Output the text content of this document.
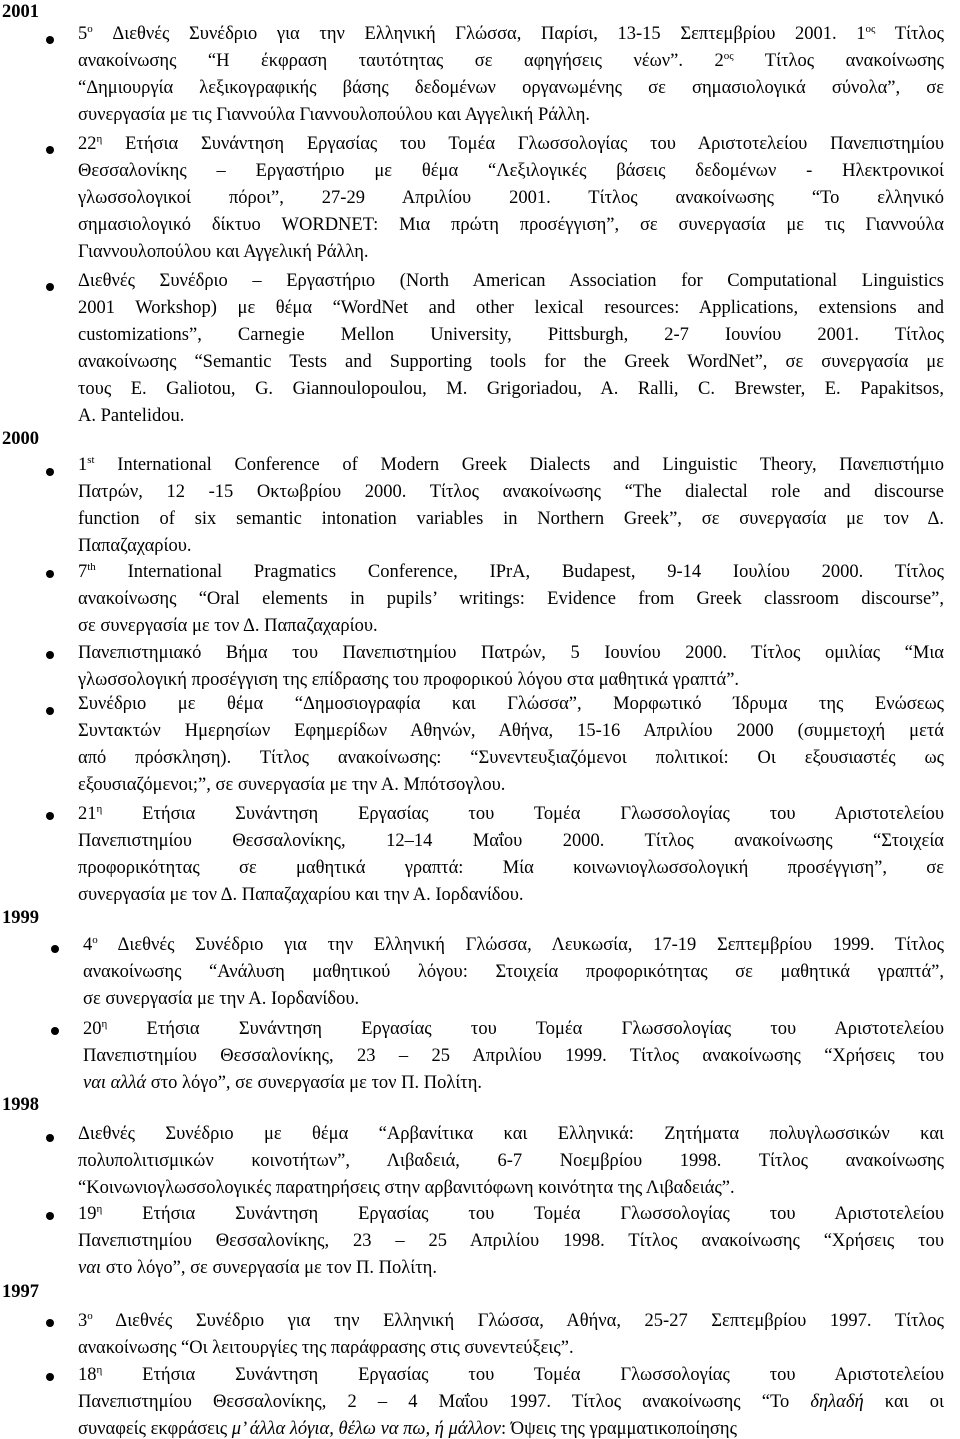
2001
5$^o$ Διεθνές Συνέδριο για την Ελληνική Γλώσσα, Παρίσι, 13-15 Σεπτεμβρίου 2001. $1^{o\varsigma}$ Τίτλος
ανακοίνωσης “Η έκφραση ταυτότητας σε αφηγήσεις νέων”. $2^{o\varsigma}$ Τίτλος ανακοίνωσης
“Δημιουργία λεξικογραφικής βάσης δεδομένων οργανωμένης σε σημασιολογικά σύνολα”, σε
συνεργασία με τις Γιαννούλα Γιαννουλοπούλου και Αγγελική Ράλλη.
$22^\eta$ Ετήσια Συνάντηση Εργασίας του Τομέα Γλωσσολογίας του Αριστοτελείου Πανεπιστημίου
Θεσσαλονίκης – Εργαστήριο με θέμα “Λεξιλογικές βάσεις δεδομένων - Ηλεκτρονικοί
γλωσσολογικοί πόροι”, 27-29 Απριλίου 2001. Τίτλος ανακοίνωσης “Το ελληνικό
σημασιολογικό δίκτυο WORDNET: Μια πρώτη προσέγγιση”, σε συνεργασία με τις Γιαννούλα
Γιαννουλοπούλου και Αγγελική Ράλλη.
Διεθνές Συνέδριο – Εργαστήριο (North American Association for Computational Linguistics
2001 Workshop) με θέμα “WordNet and other lexical resources: Applications, extensions and
customizations”, Carnegie Mellon University, Pittsburgh, 2-7 Ιουνίου 2001. Τίτλος
ανακοίνωσης “Semantic Tests and Supporting tools for the Greek WordNet”, σε συνεργασία με
τους E. Galiotou, G. Giannoulopoulou, M. Grigoriadou, A. Ralli, C. Brewster, E. Papakitsos,
A. Pantelidou.
2000
1st International Conference of Modern Greek Dialects and Linguistic Theory, Πανεπιστήμιο
Πατρών, 12 -15 Οκτωβρίου 2000. Τίτλος ανακοίνωσης “The dialectal role and discourse
function of six semantic intonation variables in Northern Greek”, σε συνεργασία με τον Δ.
Παπαζαχαρίου.
7th International Pragmatics Conference, IPrA, Budapest, 9-14 Ιουλίου 2000. Τίτλος
ανακοίνωσης “Oral elements in pupils’ writings: Evidence from Greek classroom discourse”,
σε συνεργασία με τον Δ. Παπαζαχαρίου.
Πανεπιστημιακό Βήμα του Πανεπιστημίου Πατρών, 5 Ιουνίου 2000. Τίτλος ομιλίας “Μια
γλωσσολογική προσέγγιση της επίδρασης του προφορικού λόγου στα μαθητικά γραπτά”.
Συνέδριο με θέμα “Δημοσιογραφία και Γλώσσα”, Μορφωτικό Ίδρυμα της Ενώσεως
Συντακτών Ημερησίων Εφημερίδων Αθηνών, Αθήνα, 15-16 Απριλίου 2000 (συμμετοχή μετά
από πρόσκληση). Τίτλος ανακοίνωσης: “Συνεντευξιαζόμενοι πολιτικοί: Οι εξουσιαστές ως
εξουσιαζόμενοι;”, σε συνεργασία με την Α. Μπότσογλου.
$21^\eta$ Ετήσια Συνάντηση Εργασίας του Τομέα Γλωσσολογίας του Αριστοτελείου
Πανεπιστημίου Θεσσαλονίκης, 12–14 Μαΐου 2000. Τίτλος ανακοίνωσης “Στοιχεία
προφορικότητας σε μαθητικά γραπτά: Μία κοινωνιογλωσσολογική προσέγγιση”, σε
συνεργασία με τον Δ. Παπαζαχαρίου και την Α. Ιορδανίδου.
1999
$4^o$ Διεθνές Συνέδριο για την Ελληνική Γλώσσα, Λευκωσία, 17-19 Σεπτεμβρίου 1999. Τίτλος
ανακοίνωσης “Ανάλυση μαθητικού λόγου: Στοιχεία προφορικότητας σε μαθητικά γραπτά”,
σε συνεργασία με την Α. Ιορδανίδου.
$20^\eta$ Ετήσια Συνάντηση Εργασίας του Τομέα Γλωσσολογίας του Αριστοτελείου
Πανεπιστημίου Θεσσαλονίκης, 23 – 25 Απριλίου 1999. Τίτλος ανακοίνωσης “Χρήσεις του
ναι αλλά στο λόγο”, σε συνεργασία με τον Π. Πολίτη.
1998
Διεθνές Συνέδριο με θέμα “Αρβανίτικα και Ελληνικά: Ζητήματα πολυγλωσσικών και
πολυπολιτισμικών κοινοτήτων”, Λιβαδειά, 6-7 Νοεμβρίου 1998. Τίτλος ανακοίνωσης
“Κοινωνιογλωσσολογικές παρατηρήσεις στην αρβανιτόφωνη κοινότητα της Λιβαδειάς”.
$19^\eta$ Ετήσια Συνάντηση Εργασίας του Τομέα Γλωσσολογίας του Αριστοτελείου
Πανεπιστημίου Θεσσαλονίκης, 23 – 25 Απριλίου 1998. Τίτλος ανακοίνωσης “Χρήσεις του
ναι στο λόγο”, σε συνεργασία με τον Π. Πολίτη.
1997
$3^o$ Διεθνές Συνέδριο για την Ελληνική Γλώσσα, Αθήνα, 25-27 Σεπτεμβρίου 1997. Τίτλος
ανακοίνωσης “Οι λειτουργίες της παράφρασης στις συνεντεύξεις”.
$18^\eta$ Ετήσια Συνάντηση Εργασίας του Τομέα Γλωσσολογίας του Αριστοτελείου
Πανεπιστημίου Θεσσαλονίκης, 2 – 4 Μαΐου 1997. Τίτλος ανακοίνωσης “Το δηλαδή και οι
συναφείς εκφράσεις μ’ άλλα λόγια, θέλω να πω, ή μάλλον: Όψεις της γραμματικοποίησης
